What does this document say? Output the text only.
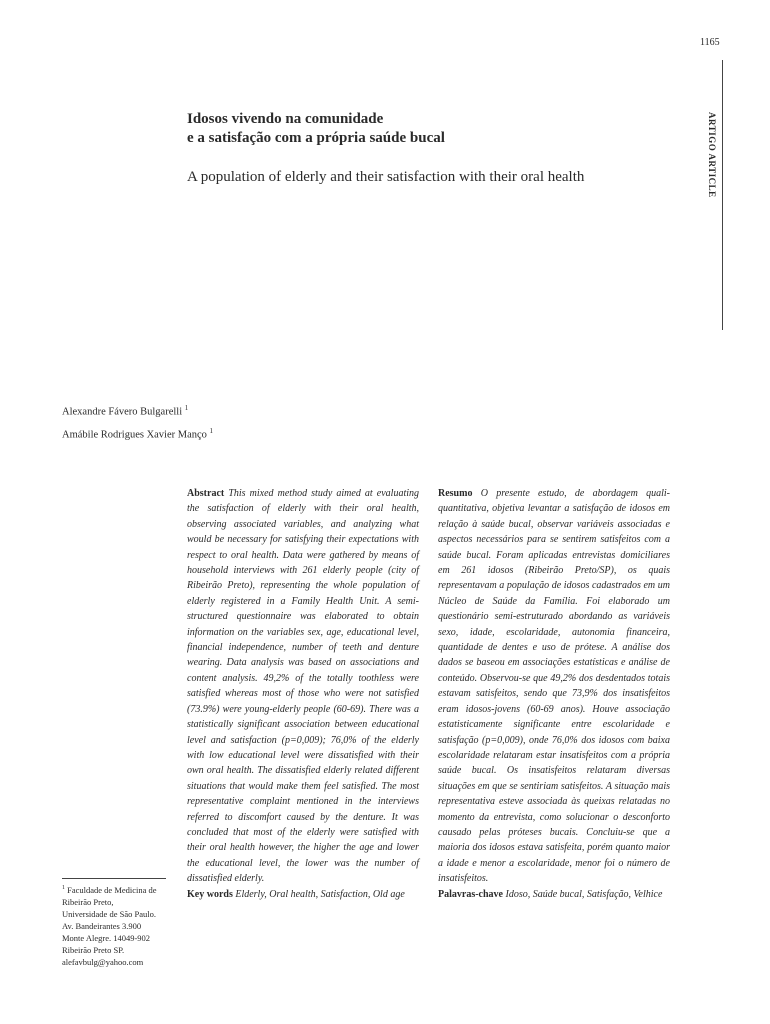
1165
ARTIGO ARTICLE
Idosos vivendo na comunidade
e a satisfação com a própria saúde bucal
A population of elderly and their satisfaction with their oral health
Alexandre Fávero Bulgarelli $^1$
Amábile Rodrigues Xavier Manço $^1$

Abstract This mixed method study aimed at evaluating the satisfaction of elderly with their oral health, observing associated variables, and analyzing what would be necessary for satisfying their expectations with respect to oral health. Data were gathered by means of household interviews with 261 elderly people (city of Ribeirão Preto), representing the whole population of elderly registered in a Family Health Unit. A semi-structured questionnaire was elaborated to obtain information on the variables sex, age, educational level, financial independence, number of teeth and denture wearing. Data analysis was based on associations and content analysis. 49,2% of the totally toothless were satisfied whereas most of those who were not satisfied (73.9%) were young-elderly people (60-69). There was a statistically significant association between educational level and satisfaction (p=0,009); 76,0% of the elderly with low educational level were dissatisfied with their own oral health. The dissatisfied elderly related different situations that would make them feel satisfied. The most representative complaint mentioned in the interviews referred to discomfort caused by the denture. It was concluded that most of the elderly were satisfied with their oral health however, the higher the age and lower the educational level, the lower was the number of dissatisfied elderly.

Key words Elderly, Oral health, Satisfaction, Old age

Resumo O presente estudo, de abordagem quali-quantitativa, objetiva levantar a satisfação de idosos em relação à saúde bucal, observar variáveis associadas e aspectos necessários para se sentirem satisfeitos com a saúde bucal. Foram aplicadas entrevistas domiciliares em 261 idosos (Ribeirão Preto/SP), os quais representavam a população de idosos cadastrados em um Núcleo de Saúde da Família. Foi elaborado um questionário semi-estruturado abordando as variáveis sexo, idade, escolaridade, autonomia financeira, quantidade de dentes e uso de prótese. A análise dos dados se baseou em associações estatísticas e análise de conteúdo. Observou-se que 49,2% dos desdentados totais estavam satisfeitos, sendo que 73,9% dos insatisfeitos eram idosos-jovens (60-69 anos). Houve associação estatisticamente significante entre escolaridade e satisfação (p=0,009), onde 76,0% dos idosos com baixa escolaridade relataram estar insatisfeitos com a própria saúde bucal. Os insatisfeitos relataram diversas situações em que se sentiriam satisfeitos. A situação mais representativa esteve associada às queixas relatadas no momento da entrevista, como solucionar o desconforto causado pelas próteses bucais. Concluiu-se que a maioria dos idosos estava satisfeita, porém quanto maior a idade e menor a escolaridade, menor foi o número de insatisfeitos.

Palavras-chave Idoso, Saúde bucal, Satisfação, Velhice

$^1$ Faculdade de Medicina de
Ribeirão Preto,
Universidade de São Paulo.
Av. Bandeirantes 3.900
Monte Alegre. 14049-902
Ribeirão Preto SP.
alefavbulg@yahoo.com
